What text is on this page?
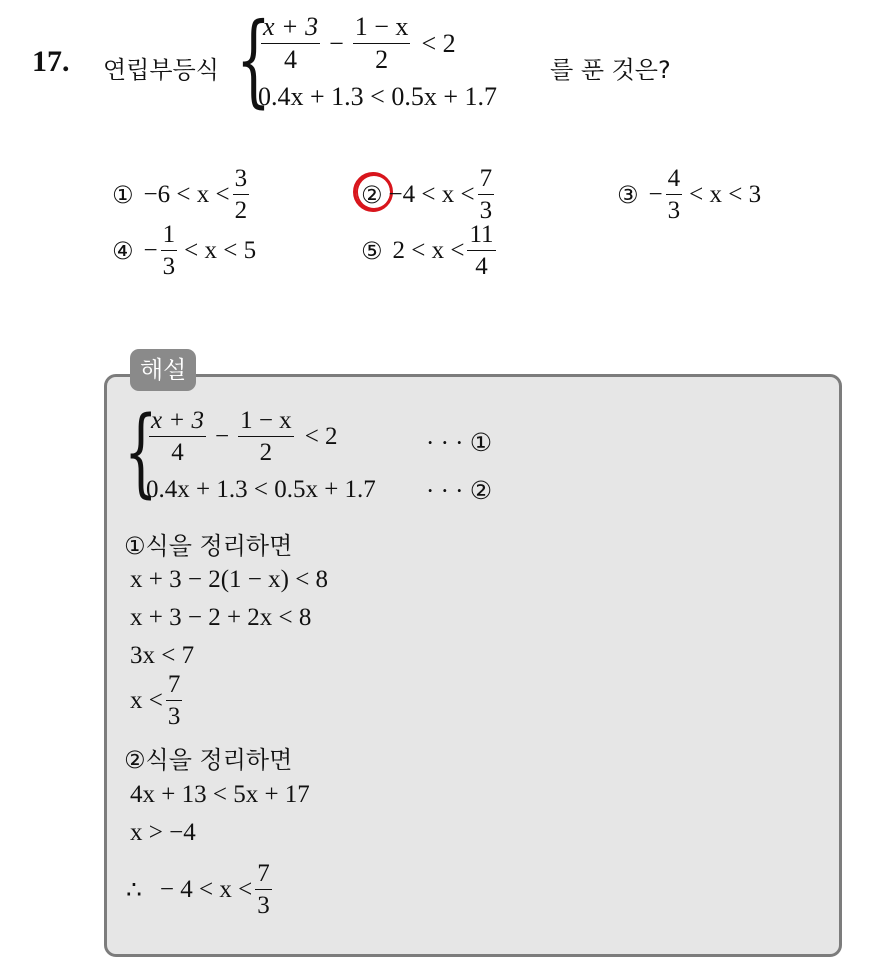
17. 연립부등식 {
$\frac{x + 3}{4} - \frac{1 - x}{2} < 2$
0.4x + 1.3 < 0.5x + 1.7
를 푼 것은?
① $-6 < x < \frac{3}{2}$	② $-4 < x < \frac{7}{3}$	③ − $\frac{4}{3} < x < 3$
④ − $\frac{1}{3} < x < 5$	⑤ $2 < x < \frac{11}{4}$
해설
{
$\frac{x + 3}{4} - \frac{1 - x}{2} < 2$	· · · ①
0.4x + 1.3 < 0.5x + 1.7 · · · ②
①식을 정리하면
x + 3 − 2(1 − x) < 8
x + 3 − 2 + 2x < 8
3x < 7
$x < \frac{7}{3}$
②식을 정리하면
4x + 13 < 5x + 17
x > −4
∴ − $4 < x < \frac{7}{3}$
